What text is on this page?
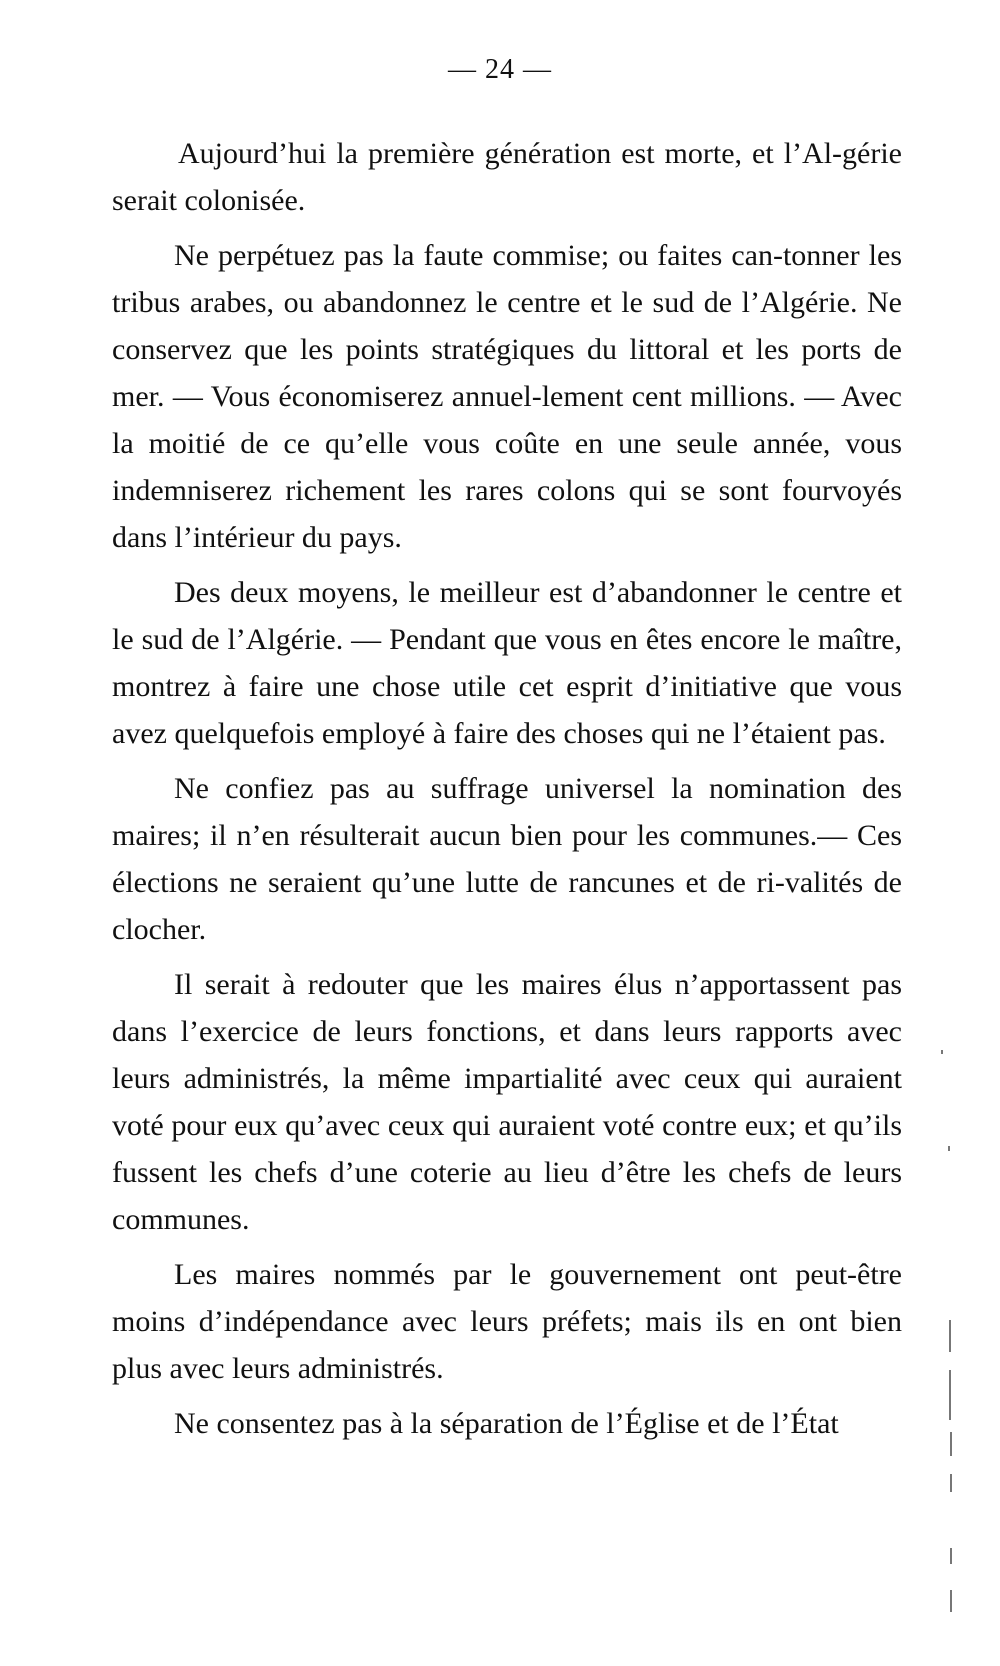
— 24 —

Aujourd’hui la première génération est morte, et l’Al-gérie serait colonisée.

Ne perpétuez pas la faute commise; ou faites can-tonner les tribus arabes, ou abandonnez le centre et le sud de l’Algérie. Ne conservez que les points stratégiques du littoral et les ports de mer. — Vous économiserez annuel-lement cent millions. — Avec la moitié de ce qu’elle vous coûte en une seule année, vous indemniserez richement les rares colons qui se sont fourvoyés dans l’intérieur du pays.

Des deux moyens, le meilleur est d’abandonner le centre et le sud de l’Algérie. — Pendant que vous en êtes encore le maître, montrez à faire une chose utile cet esprit d’initiative que vous avez quelquefois employé à faire des choses qui ne l’étaient pas.

Ne confiez pas au suffrage universel la nomination des maires; il n’en résulterait aucun bien pour les communes.— Ces élections ne seraient qu’une lutte de rancunes et de ri-valités de clocher.

Il serait à redouter que les maires élus n’apportassent pas dans l’exercice de leurs fonctions, et dans leurs rapports avec leurs administrés, la même impartialité avec ceux qui auraient voté pour eux qu’avec ceux qui auraient voté contre eux; et qu’ils fussent les chefs d’une coterie au lieu d’être les chefs de leurs communes.

Les maires nommés par le gouvernement ont peut-être moins d’indépendance avec leurs préfets; mais ils en ont bien plus avec leurs administrés.

Ne consentez pas à la séparation de l’Église et de l’État
